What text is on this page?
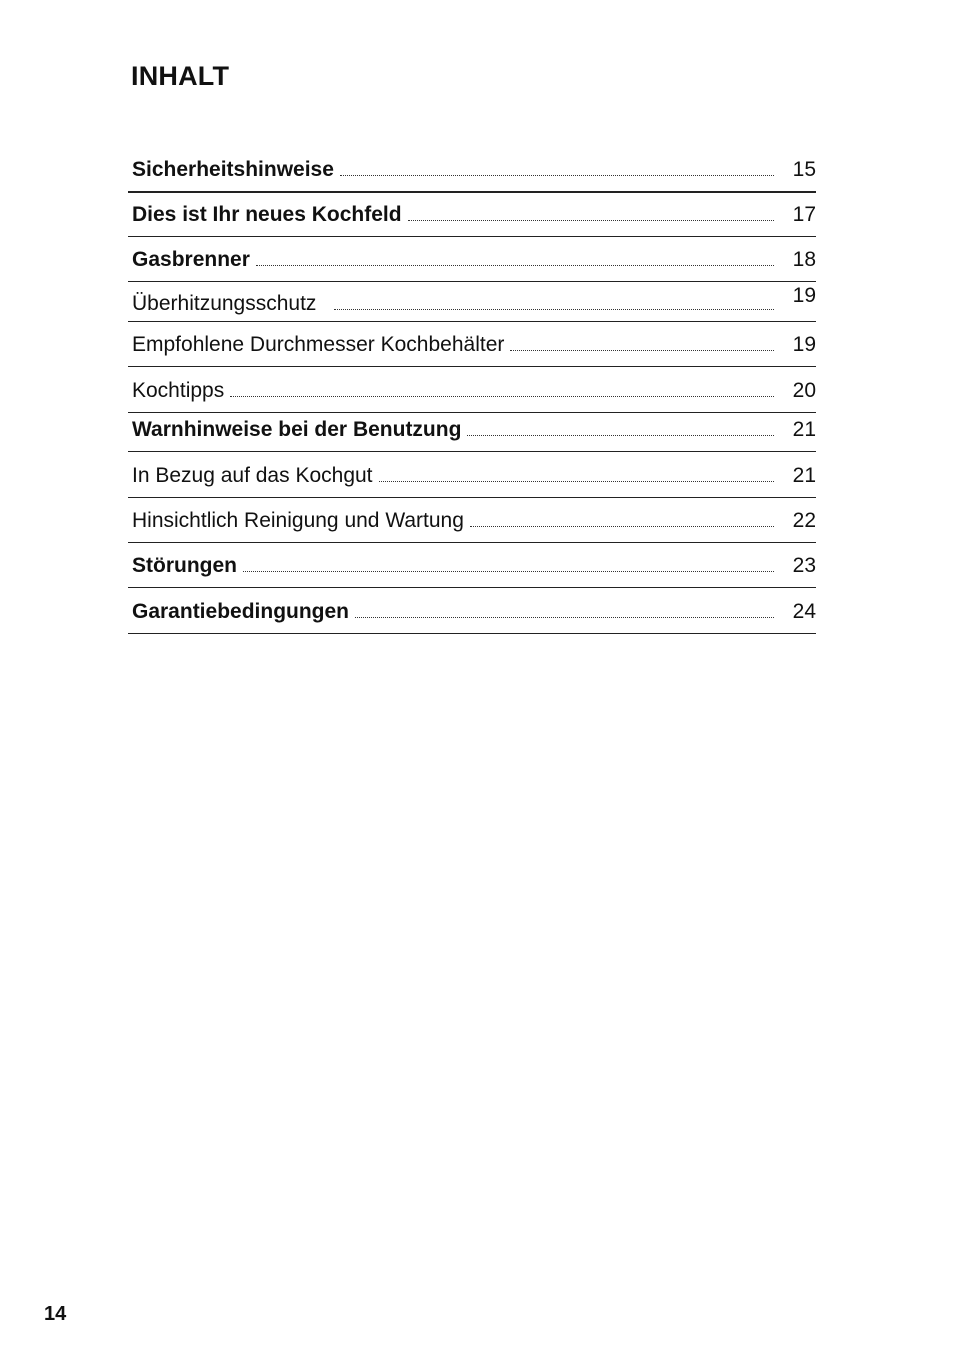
INHALT
Sicherheitshinweise	15
Dies ist Ihr neues Kochfeld	17
Gasbrenner	18
Überhitzungsschutz	19
Empfohlene Durchmesser Kochbehälter	19
Kochtipps	20
Warnhinweise bei der Benutzung	21
In Bezug auf das Kochgut	21
Hinsichtlich Reinigung und Wartung	22
Störungen	23
Garantiebedingungen	24
14
